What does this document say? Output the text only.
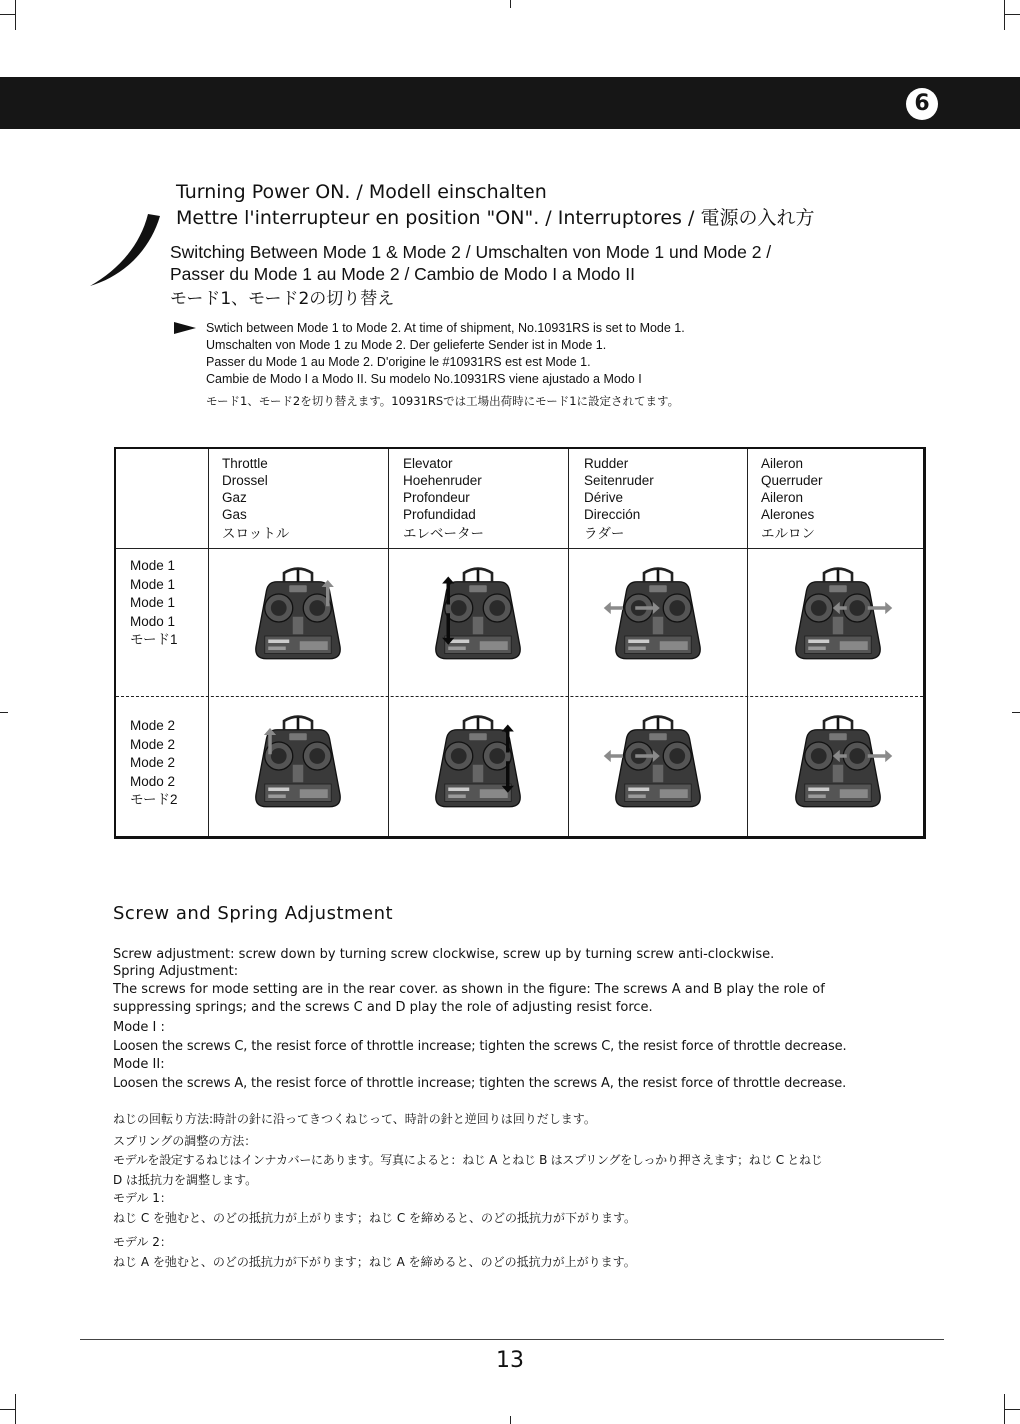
6
Turning Power ON. / Modell einschalten
Mettre l'interrupteur en position "ON". / Interruptores / 電源の入れ方
Switching Between Mode 1 & Mode 2 / Umschalten von Mode 1 und Mode 2 /
Passer du Mode 1 au Mode 2 / Cambio de Modo I a Modo II
モード1、モード2の切り替え
Swtich between Mode 1 to Mode 2. At time of shipment, No.10931RS is set to Mode 1.
Umschalten von Mode 1 zu Mode 2. Der gelieferte Sender ist in Mode 1.
Passer du Mode 1 au Mode 2. D'origine le #10931RS est est Mode 1.
Cambie de Modo I a Modo II. Su modelo No.10931RS viene ajustado a Modo I
モード1、モード2を切り替えます。10931RSでは工場出荷時にモード1に設定されてます。
Throttle
Drossel
Gaz
Gas
スロットル
Elevator
Hoehenruder
Profondeur
Profundidad
エレベーター
Rudder
Seitenruder
Dérive
Dirección
ラダー
Aileron
Querruder
Aileron
Alerones
エルロン
Mode 1
Mode 1
Mode 1
Modo 1
モード1
Mode 2
Mode 2
Mode 2
Modo 2
モード2
Screw and Spring Adjustment
Screw adjustment: screw down by turning screw clockwise, screw up by turning screw anti-clockwise.
Spring Adjustment:
The screws for mode setting are in the rear cover. as shown in the figure: The screws A and B play the role of
suppressing springs; and the screws C and D play the role of adjusting resist force.
Mode I :
Loosen the screws C, the resist force of throttle increase; tighten the screws C, the resist force of throttle decrease.
Mode II:
Loosen the screws A, the resist force of throttle increase; tighten the screws A, the resist force of throttle decrease.
ねじの回転り方法:時計の針に沿ってきつくねじって、時計の針と逆回りは回りだします。
スプリングの調整の方法：
モデルを設定するねじはインナカバーにあります。写真によると：ねじ A とねじ B はスプリングをしっかり押さえます；ねじ C とねじ
D は抵抗力を調整します。
モデル 1：
ねじ C を弛むと、のどの抵抗力が上がります；ねじ C を締めると、のどの抵抗力が下がります。
モデル 2：
ねじ A を弛むと、のどの抵抗力が下がります；ねじ A を締めると、のどの抵抗力が上がります。
13
